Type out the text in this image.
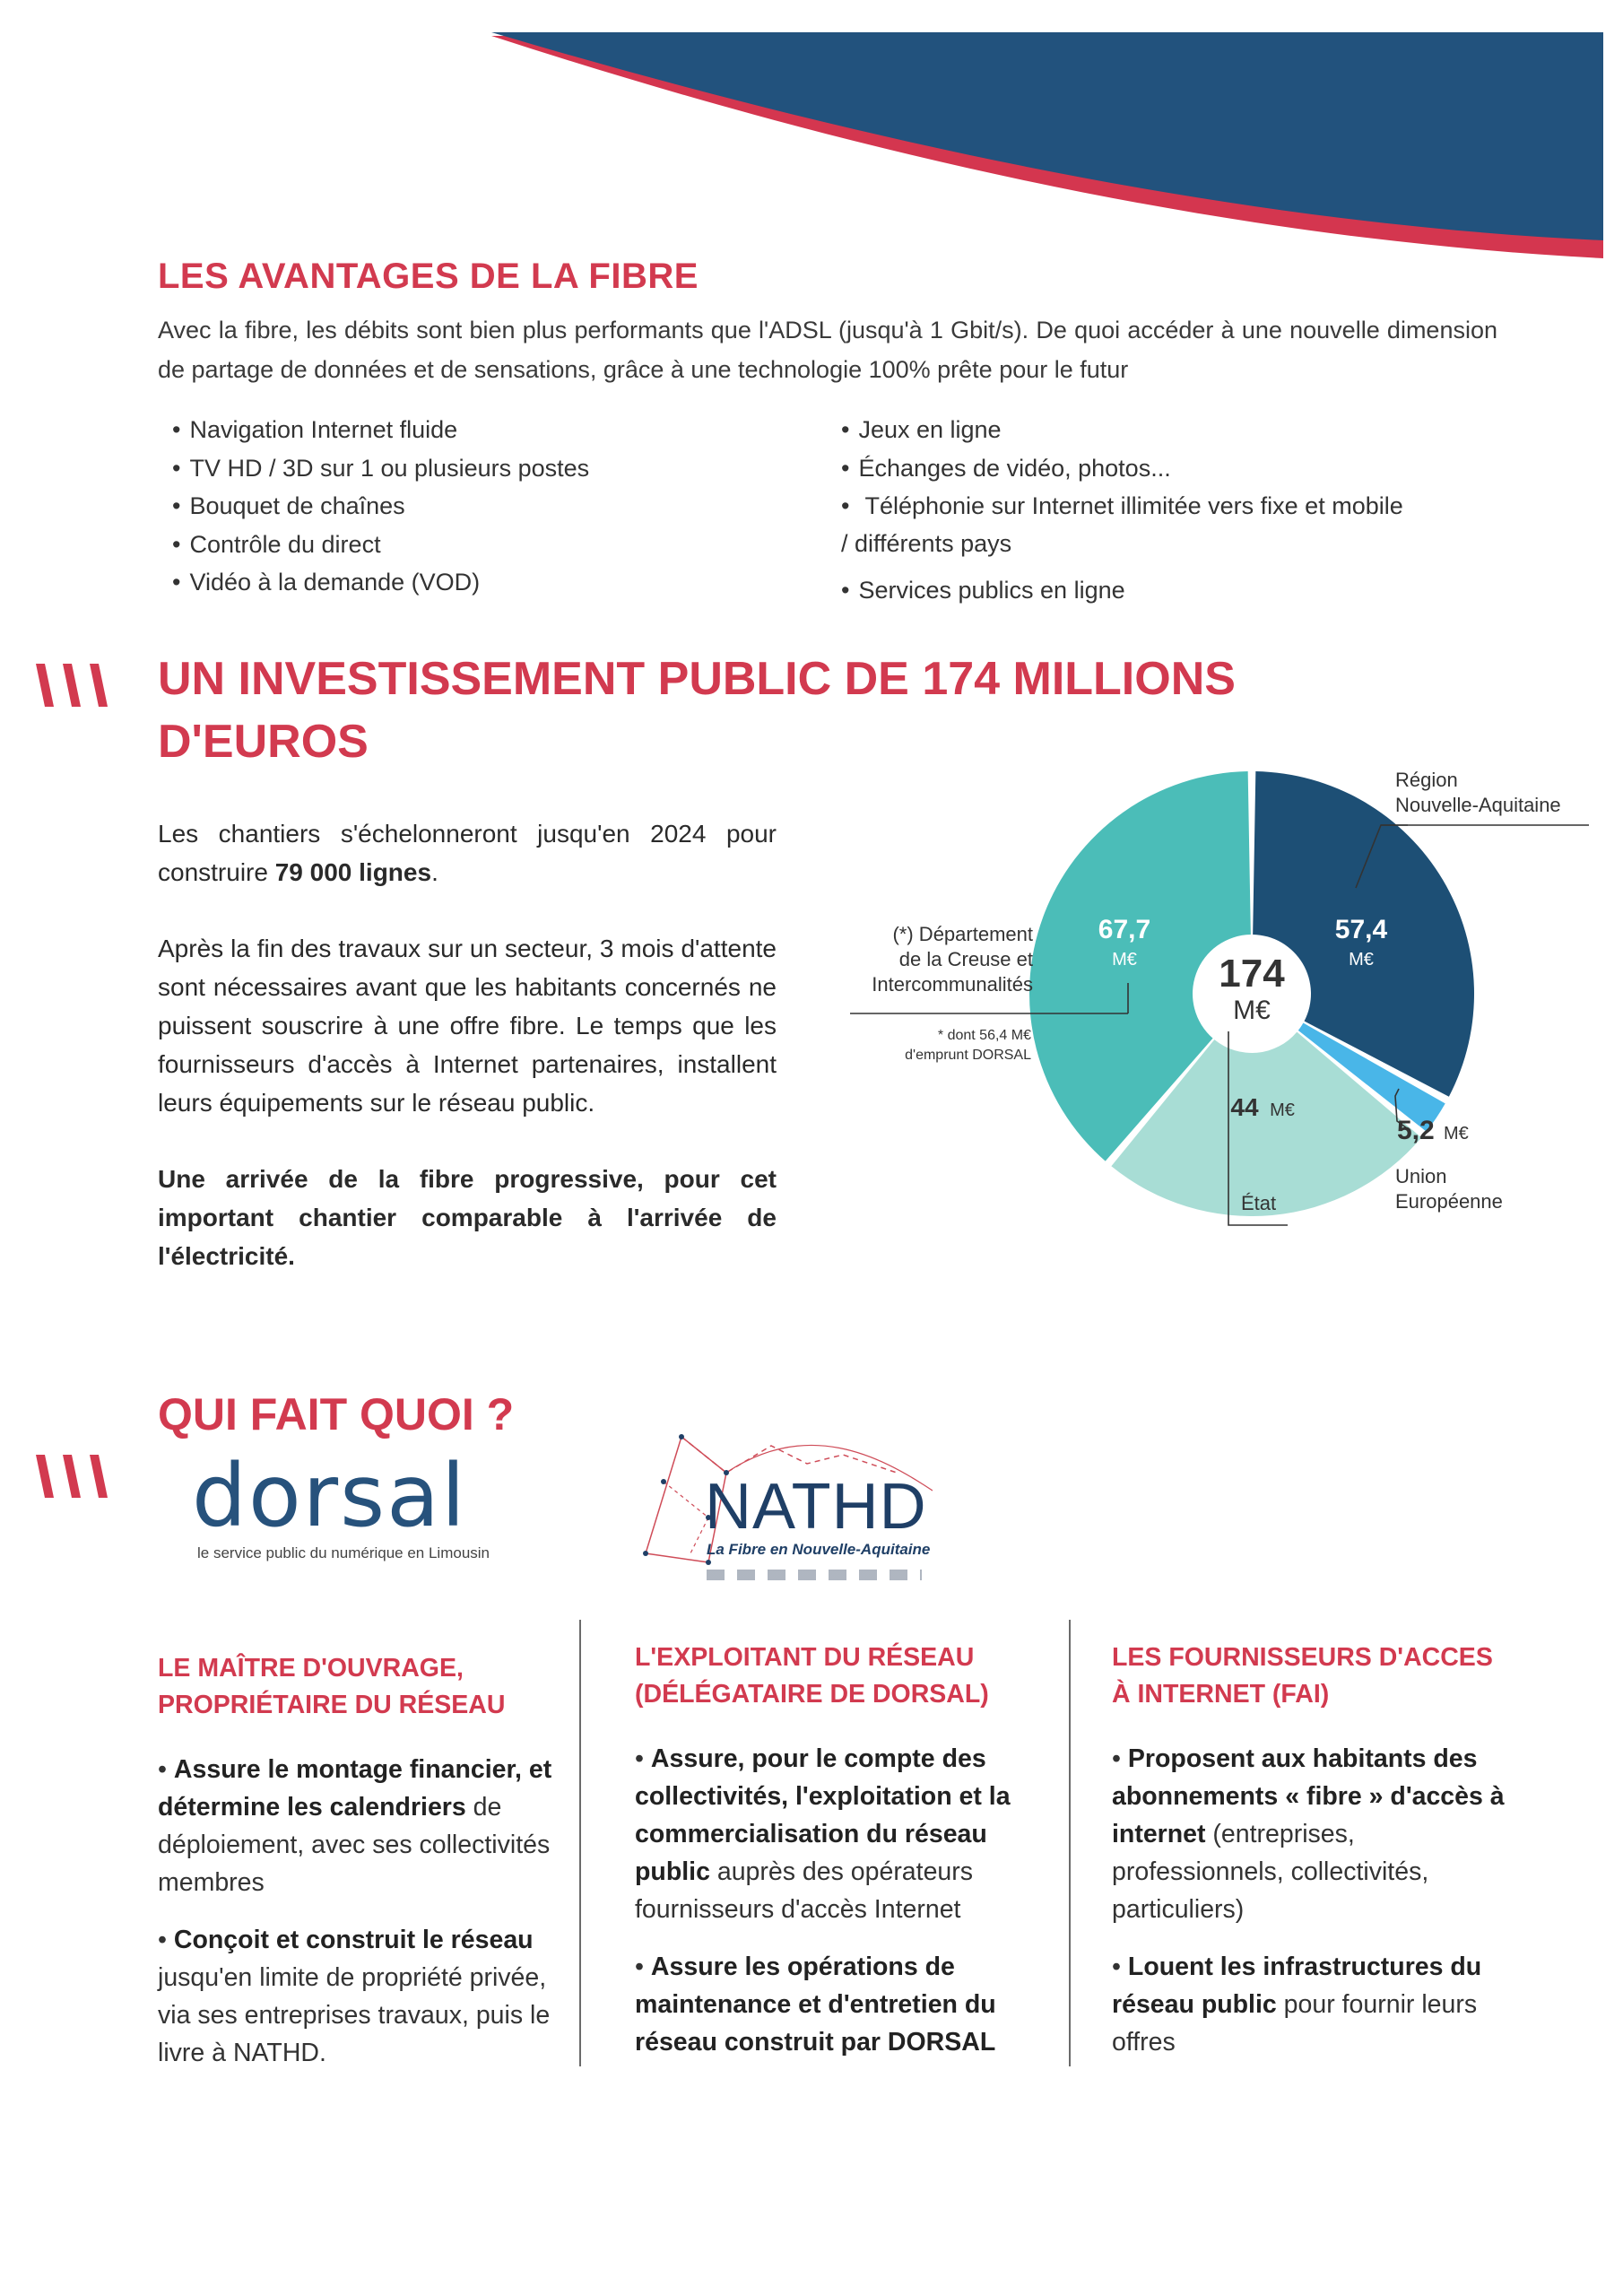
LES AVANTAGES DE LA FIBRE

Avec la fibre, les débits sont bien plus performants que l'ADSL (jusqu'à 1 Gbit/s). De quoi accéder à une nouvelle dimension de partage de données et de sensations, grâce à une technologie 100% prête pour le futur

• Navigation Internet fluide
• TV HD / 3D sur 1 ou plusieurs postes
• Bouquet de chaînes
• Contrôle du direct
• Vidéo à la demande (VOD)
• Jeux en ligne
• Échanges de vidéo, photos...
• Téléphonie sur Internet illimitée vers fixe et mobile
/ différents pays
• Services publics en ligne
UN INVESTISSEMENT PUBLIC DE 174 MILLIONS
D'EUROS

Les chantiers s'échelonneront jusqu'en 2024 pour construire 79 000 lignes.

Après la fin des travaux sur un secteur, 3 mois d'attente sont nécessaires avant que les habitants concernés ne puissent souscrire à une offre fibre. Le temps que les fournisseurs d'accès à Internet partenaires, installent leurs équipements sur le réseau public.

Une arrivée de la fibre progressive, pour cet important chantier comparable à l'arrivée de l'électricité.

174
M€
57,4
M€
67,7
M€
44 M€
5,2 M€
Région
Nouvelle-Aquitaine
(*) Département
de la Creuse et
Intercommunalités
* dont 56,4 M€
d'emprunt DORSAL
État
Union
Européenne
QUI FAIT QUOI ?
dorsal
le service public du numérique en Limousin
NATHD
La Fibre en Nouvelle-Aquitaine
LE MAÎTRE D'OUVRAGE, PROPRIÉTAIRE DU RÉSEAU

• Assure le montage financier, et détermine les calendriers de déploiement, avec ses collectivités membres

• Conçoit et construit le réseau jusqu'en limite de propriété privée, via ses entreprises travaux, puis le livre à NATHD.

L'EXPLOITANT DU RÉSEAU (DÉLÉGATAIRE DE DORSAL)

• Assure, pour le compte des collectivités, l'exploitation et la commercialisation du réseau public auprès des opérateurs fournisseurs d'accès Internet

• Assure les opérations de maintenance et d'entretien du réseau construit par DORSAL

LES FOURNISSEURS D'ACCES À INTERNET (FAI)

• Proposent aux habitants des abonnements « fibre » d'accès à internet (entreprises, professionnels, collectivités, particuliers)

• Louent les infrastructures du réseau public pour fournir leurs offres
